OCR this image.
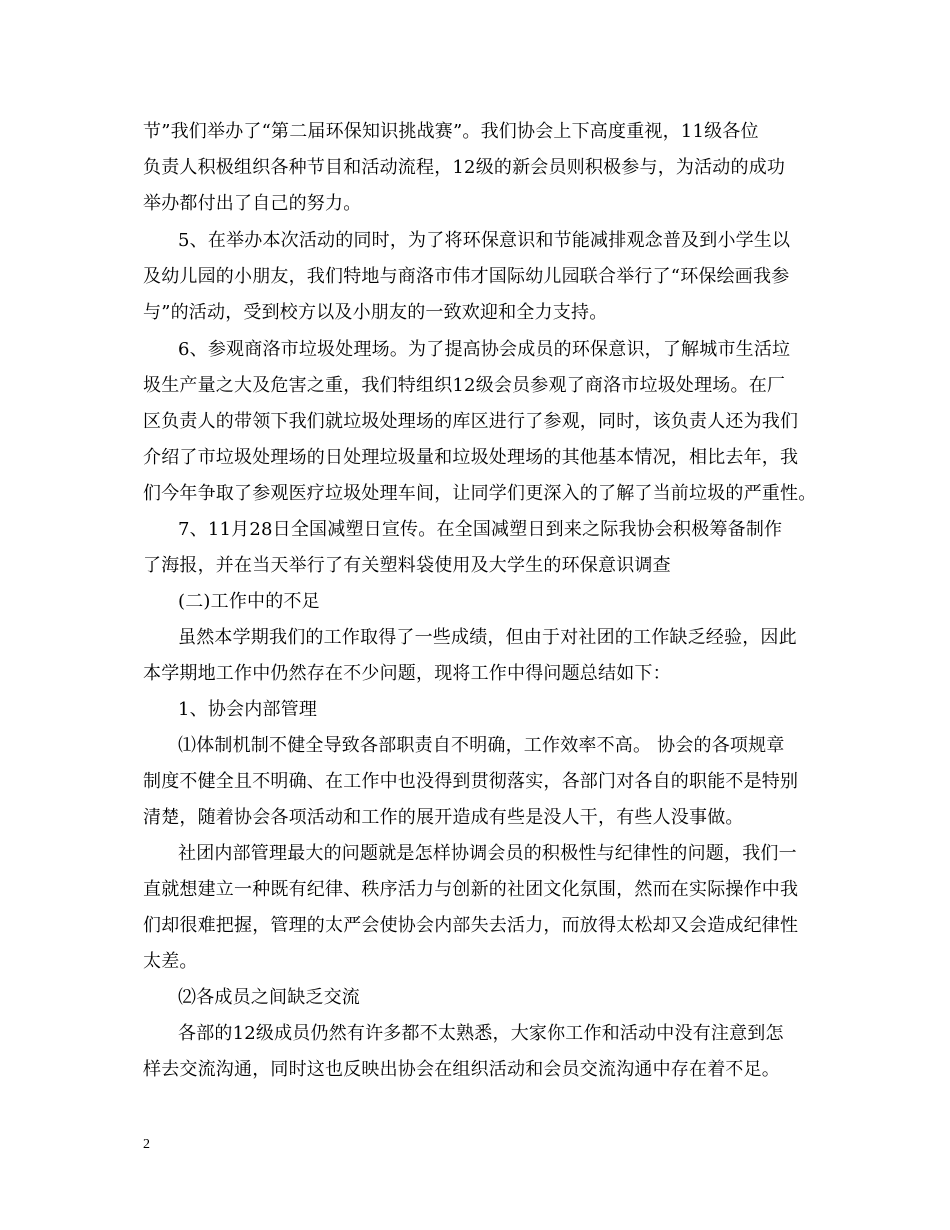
节”我们举办了“第二届环保知识挑战赛”。我们协会上下高度重视，11级各位
负责人积极组织各种节目和活动流程，12级的新会员则积极参与，为活动的成功
举办都付出了自己的努力。
5、在举办本次活动的同时，为了将环保意识和节能减排观念普及到小学生以
及幼儿园的小朋友，我们特地与商洛市伟才国际幼儿园联合举行了“环保绘画我参
与”的活动，受到校方以及小朋友的一致欢迎和全力支持。
6、参观商洛市垃圾处理场。为了提高协会成员的环保意识，了解城市生活垃
圾生产量之大及危害之重，我们特组织12级会员参观了商洛市垃圾处理场。在厂
区负责人的带领下我们就垃圾处理场的库区进行了参观，同时，该负责人还为我们
介绍了市垃圾处理场的日处理垃圾量和垃圾处理场的其他基本情况，相比去年，我
们今年争取了参观医疗垃圾处理车间，让同学们更深入的了解了当前垃圾的严重性。
7、11月28日全国减塑日宣传。在全国减塑日到来之际我协会积极筹备制作
了海报，并在当天举行了有关塑料袋使用及大学生的环保意识调查
(二)工作中的不足
虽然本学期我们的工作取得了一些成绩，但由于对社团的工作缺乏经验，因此
本学期地工作中仍然存在不少问题，现将工作中得问题总结如下：
1、协会内部管理
⑴体制机制不健全导致各部职责自不明确，工作效率不高。 协会的各项规章
制度不健全且不明确、在工作中也没得到贯彻落实，各部门对各自的职能不是特别
清楚，随着协会各项活动和工作的展开造成有些是没人干，有些人没事做。
社团内部管理最大的问题就是怎样协调会员的积极性与纪律性的问题，我们一
直就想建立一种既有纪律、秩序活力与创新的社团文化氛围，然而在实际操作中我
们却很难把握，管理的太严会使协会内部失去活力，而放得太松却又会造成纪律性
太差。
⑵各成员之间缺乏交流
各部的12级成员仍然有许多都不太熟悉，大家你工作和活动中没有注意到怎
样去交流沟通，同时这也反映出协会在组织活动和会员交流沟通中存在着不足。
2
